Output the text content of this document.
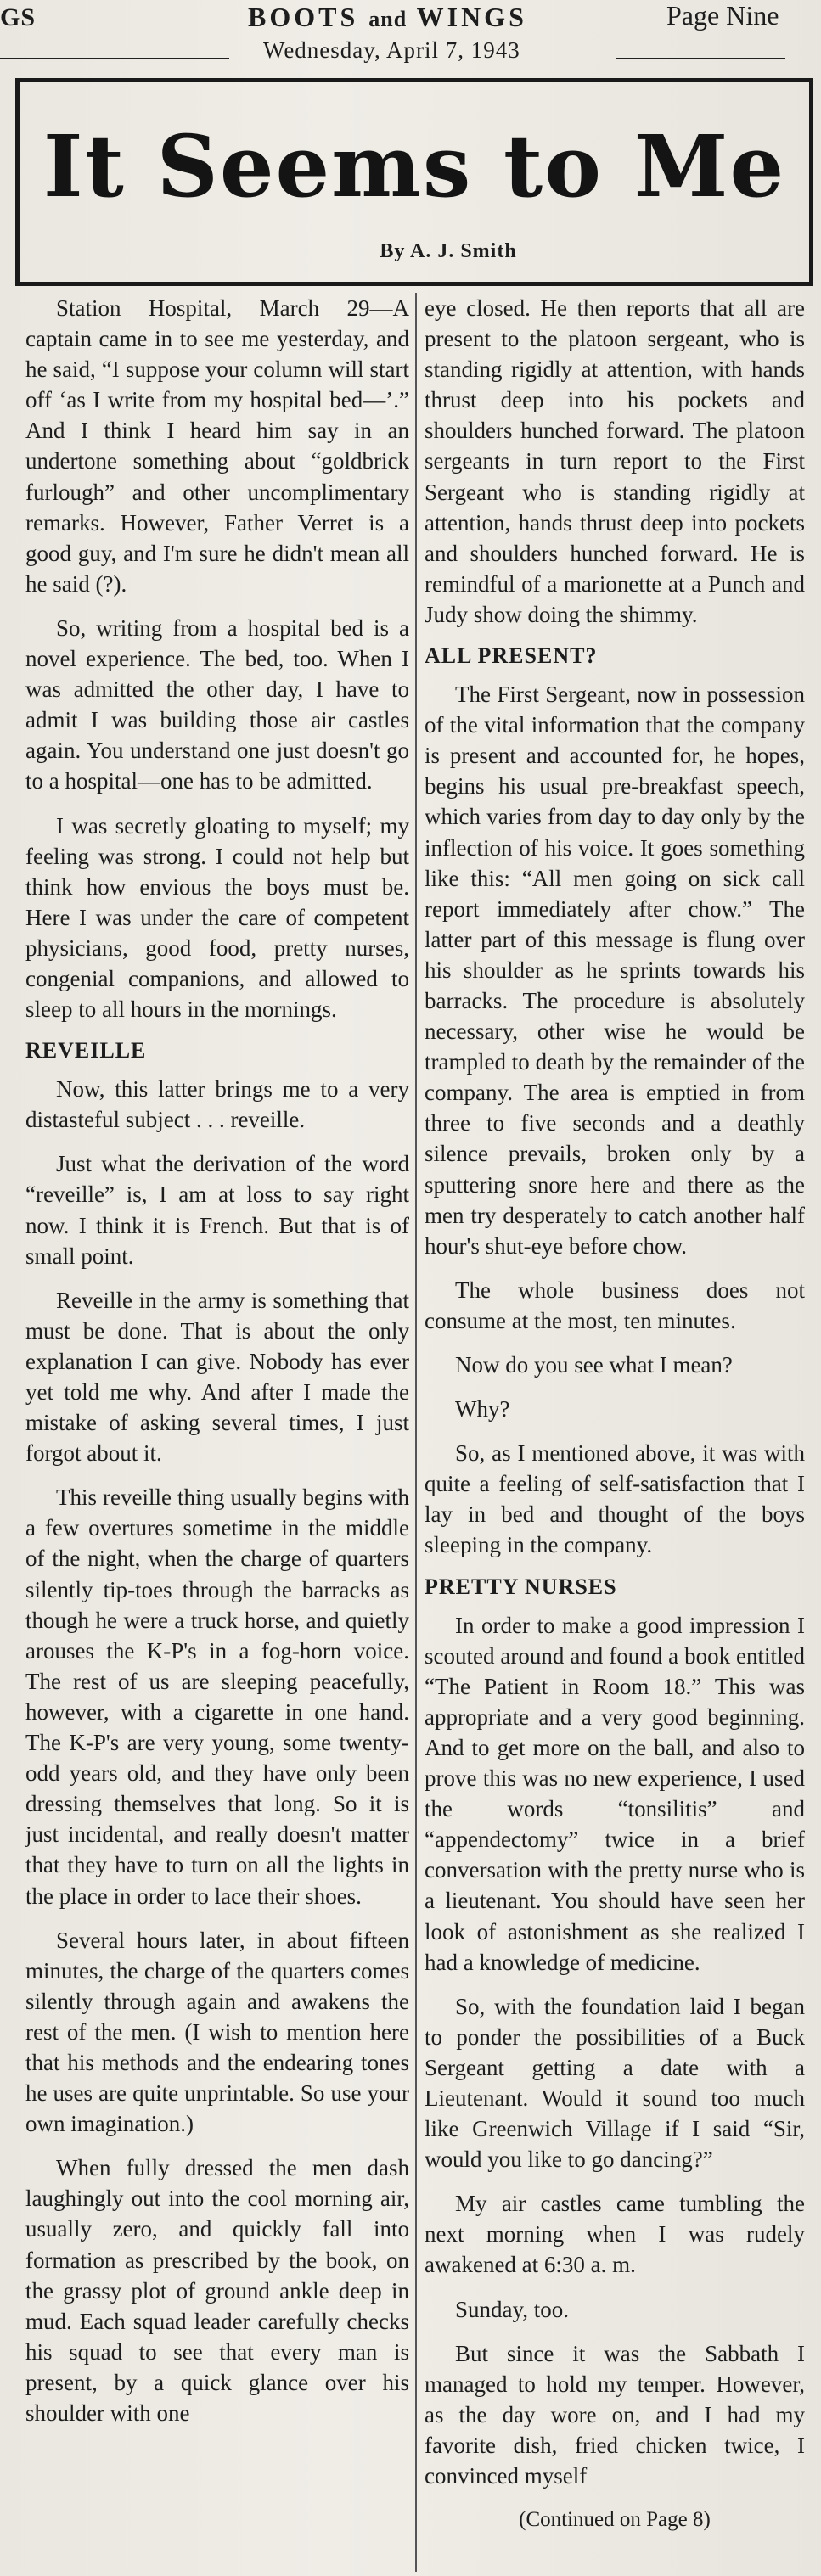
GS	BOOTS and WINGS	Page Nine
Wednesday, April 7, 1943
It Seems to Me
By A. J. Smith

Station Hospital, March 29—A captain came in to see me yesterday, and he said, “I suppose your column will start off ‘as I write from my hospital bed—’.” And I think I heard him say in an undertone something about “goldbrick furlough” and other uncomplimentary remarks. However, Father Verret is a good guy, and I'm sure he didn't mean all he said (?).

So, writing from a hospital bed is a novel experience. The bed, too. When I was admitted the other day, I have to admit I was building those air castles again. You understand one just doesn't go to a hospital—one has to be admitted.

I was secretly gloating to myself; my feeling was strong. I could not help but think how envious the boys must be. Here I was under the care of competent physicians, good food, pretty nurses, congenial companions, and allowed to sleep to all hours in the mornings.

REVEILLE

Now, this latter brings me to a very distasteful subject . . . reveille.

Just what the derivation of the word “reveille” is, I am at loss to say right now. I think it is French. But that is of small point.

Reveille in the army is something that must be done. That is about the only explanation I can give. Nobody has ever yet told me why. And after I made the mistake of asking several times, I just forgot about it.

This reveille thing usually begins with a few overtures sometime in the middle of the night, when the charge of quarters silently tip-toes through the barracks as though he were a truck horse, and quietly arouses the K-P's in a fog-horn voice. The rest of us are sleeping peacefully, however, with a cigarette in one hand. The K-P's are very young, some twenty-odd years old, and they have only been dressing themselves that long. So it is just incidental, and really doesn't matter that they have to turn on all the lights in the place in order to lace their shoes.

Several hours later, in about fifteen minutes, the charge of the quarters comes silently through again and awakens the rest of the men. (I wish to mention here that his methods and the endearing tones he uses are quite unprintable. So use your own imagination.)

When fully dressed the men dash laughingly out into the cool morning air, usually zero, and quickly fall into formation as prescribed by the book, on the grassy plot of ground ankle deep in mud. Each squad leader carefully checks his squad to see that every man is present, by a quick glance over his shoulder with one

eye closed. He then reports that all are present to the platoon sergeant, who is standing rigidly at attention, with hands thrust deep into his pockets and shoulders hunched forward. The platoon sergeants in turn report to the First Sergeant who is standing rigidly at attention, hands thrust deep into pockets and shoulders hunched forward. He is remindful of a marionette at a Punch and Judy show doing the shimmy.

ALL PRESENT?

The First Sergeant, now in possession of the vital information that the company is present and accounted for, he hopes, begins his usual pre-breakfast speech, which varies from day to day only by the inflection of his voice. It goes something like this: “All men going on sick call report immediately after chow.” The latter part of this message is flung over his shoulder as he sprints towards his barracks. The procedure is absolutely necessary, other wise he would be trampled to death by the remainder of the company. The area is emptied in from three to five seconds and a deathly silence prevails, broken only by a sputtering snore here and there as the men try desperately to catch another half hour's shut-eye before chow.

The whole business does not consume at the most, ten minutes.

Now do you see what I mean?

Why?

So, as I mentioned above, it was with quite a feeling of self-satisfaction that I lay in bed and thought of the boys sleeping in the company.

PRETTY NURSES

In order to make a good impression I scouted around and found a book entitled “The Patient in Room 18.” This was appropriate and a very good beginning. And to get more on the ball, and also to prove this was no new experience, I used the words “tonsilitis” and “appendectomy” twice in a brief conversation with the pretty nurse who is a lieutenant. You should have seen her look of astonishment as she realized I had a knowledge of medicine.

So, with the foundation laid I began to ponder the possibilities of a Buck Sergeant getting a date with a Lieutenant. Would it sound too much like Greenwich Village if I said “Sir, would you like to go dancing?”

My air castles came tumbling the next morning when I was rudely awakened at 6:30 a. m.

Sunday, too.

But since it was the Sabbath I managed to hold my temper. However, as the day wore on, and I had my favorite dish, fried chicken twice, I convinced myself

(Continued on Page 8)
